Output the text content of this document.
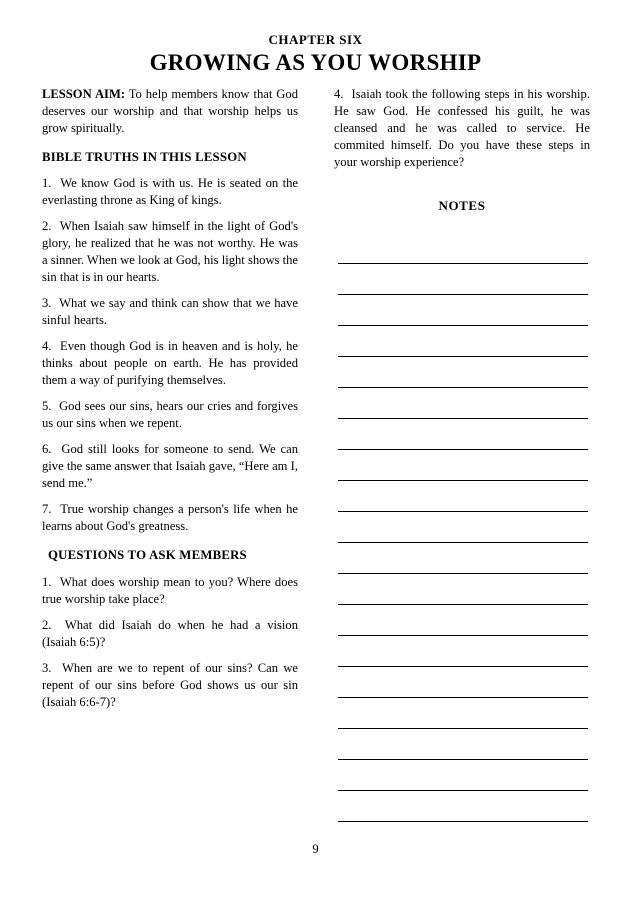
CHAPTER SIX
GROWING AS YOU WORSHIP
LESSON AIM: To help members know that God deserves our worship and that worship helps us grow spiritually.
BIBLE TRUTHS IN THIS LESSON
1. We know God is with us. He is seated on the everlasting throne as King of kings.
2. When Isaiah saw himself in the light of God's glory, he realized that he was not worthy. He was a sinner. When we look at God, his light shows the sin that is in our hearts.
3. What we say and think can show that we have sinful hearts.
4. Even though God is in heaven and is holy, he thinks about people on earth. He has provided them a way of purifying themselves.
5. God sees our sins, hears our cries and forgives us our sins when we repent.
6. God still looks for someone to send. We can give the same answer that Isaiah gave, “Here am I, send me.”
7. True worship changes a person's life when he learns about God's greatness.
QUESTIONS TO ASK MEMBERS
1. What does worship mean to you? Where does true worship take place?
2. What did Isaiah do when he had a vision (Isaiah 6:5)?
3. When are we to repent of our sins? Can we repent of our sins before God shows us our sin (Isaiah 6:6-7)?
4. Isaiah took the following steps in his worship. He saw God. He confessed his guilt, he was cleansed and he was called to service. He commited himself. Do you have these steps in your worship experience?
NOTES
9
